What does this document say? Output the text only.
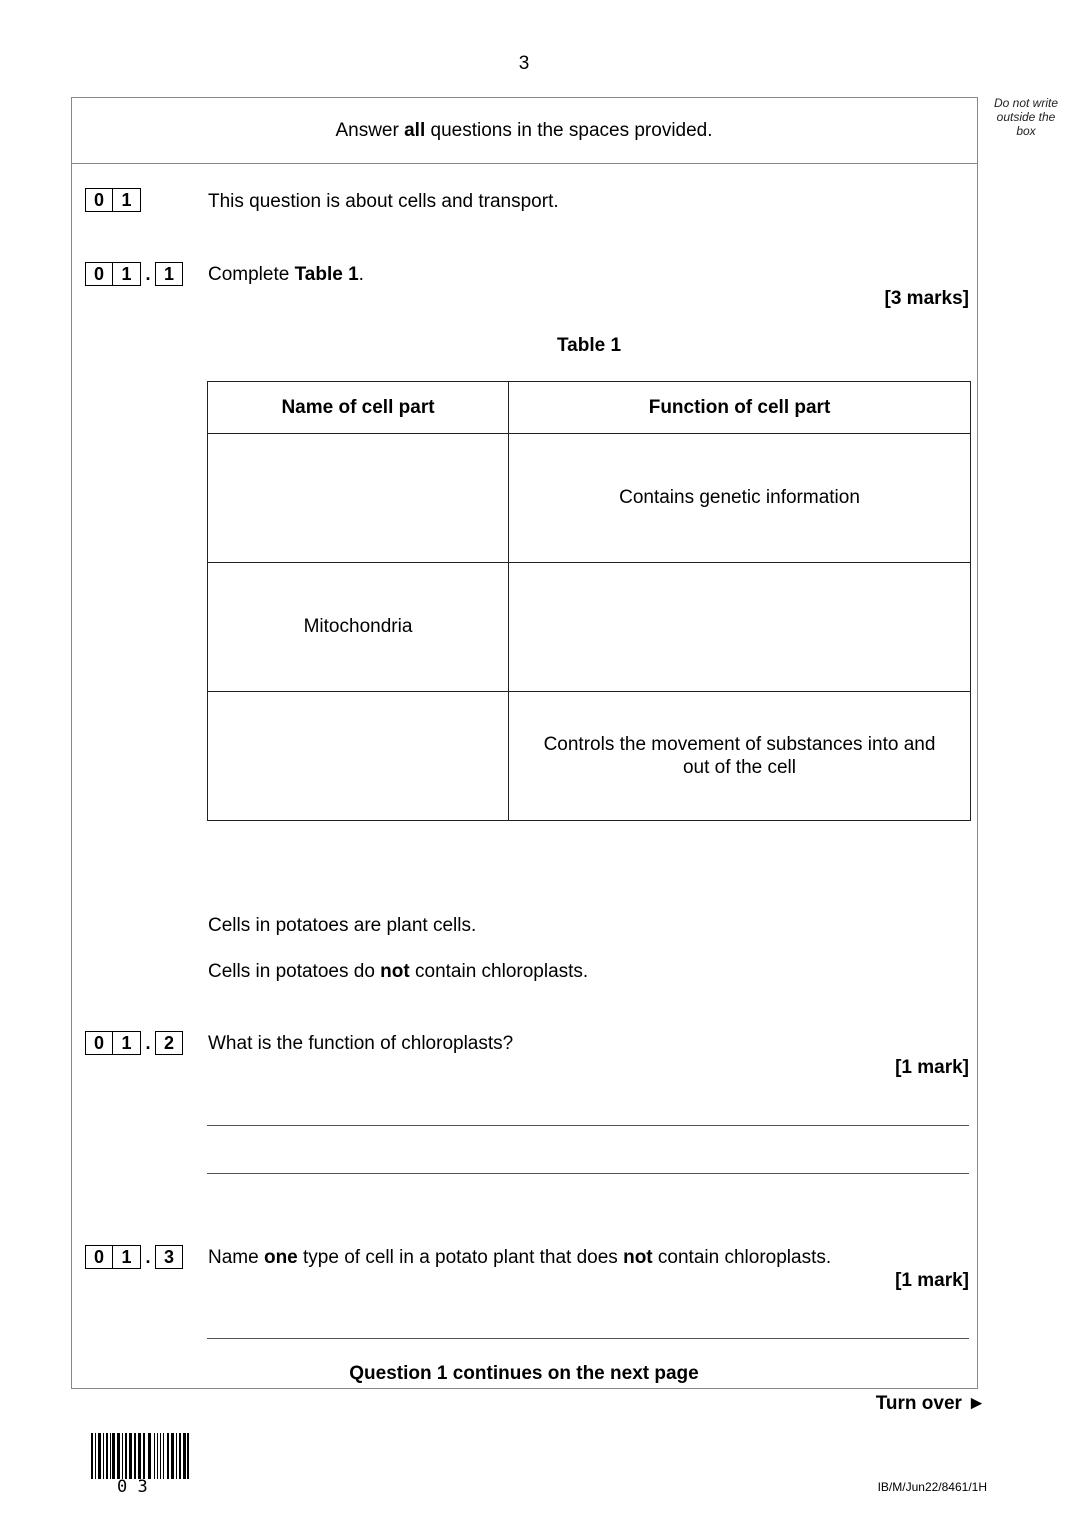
3
Do not write outside the box
Answer all questions in the spaces provided.
0 1	This question is about cells and transport.
0 1 . 1	Complete Table 1.
[3 marks]
Table 1
Name of cell part	Function of cell part
	Contains genetic information
Mitochondria	
	Controls the movement of substances into and out of the cell
Cells in potatoes are plant cells.
Cells in potatoes do not contain chloroplasts.
0 1 . 2	What is the function of chloroplasts?
[1 mark]
0 1 . 3	Name one type of cell in a potato plant that does not contain chloroplasts.
[1 mark]
Question 1 continues on the next page
Turn over ►
0 3	IB/M/Jun22/8461/1H
